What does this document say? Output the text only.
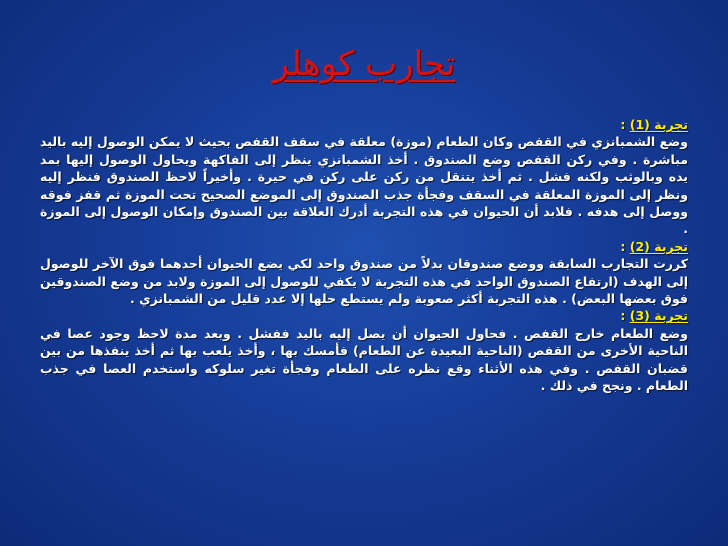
تجارب كوهلر
تجربة (1) :

وضع الشمبانزي في القفص وكان الطعام (موزة) معلقة في سقف القفص بحيث لا يمكن الوصول إليه باليد مباشرة . وفي ركن القفص وضع الصندوق . أخذ الشمبانزي ينظر إلى الفاكهة ويحاول الوصول إليها بمد يده وبالوثب ولكنه فشل . ثم أخذ يتنقل من ركن على ركن في حيرة . وأخيراً لاحظ الصندوق فنظر إليه ونظر إلى الموزة المعلقة في السقف وفجأة جذب الصندوق إلى الموضع الصحيح تحت الموزة ثم قفز فوقه ووصل إلى هدفه . فلابد أن الحيوان في هذه التجربة أدرك العلاقة بين الصندوق وإمكان الوصول إلى الموزة .

تجربة (2) :

كررت التجارب السابقة ووضع صندوقان بدلاً من صندوق واحد لكي يضع الحيوان أحدهما فوق الآخر للوصول إلى الهدف (ارتفاع الصندوق الواحد في هذه التجربة لا يكفي للوصول إلى الموزة ولابد من وضع الصندوقين فوق بعضها البعض) . هذه التجربة أكثر صعوبة ولم يستطع حلها إلا عدد قليل من الشمبانزي .

تجربة (3) :

وضع الطعام خارج القفص . فحاول الحيوان أن يصل إليه باليد ففشل . وبعد مدة لاحظ وجود عصا في الناحية الأخرى من القفص (الناحية البعيدة عن الطعام) فأمسك بها ، وأخذ يلعب بها ثم أخذ ينفذها من بين قضبان القفص . وفي هذه الأثناء وقع نظره على الطعام وفجأة تغير سلوكه واستخدم العصا في جذب الطعام . ونجح في ذلك .
